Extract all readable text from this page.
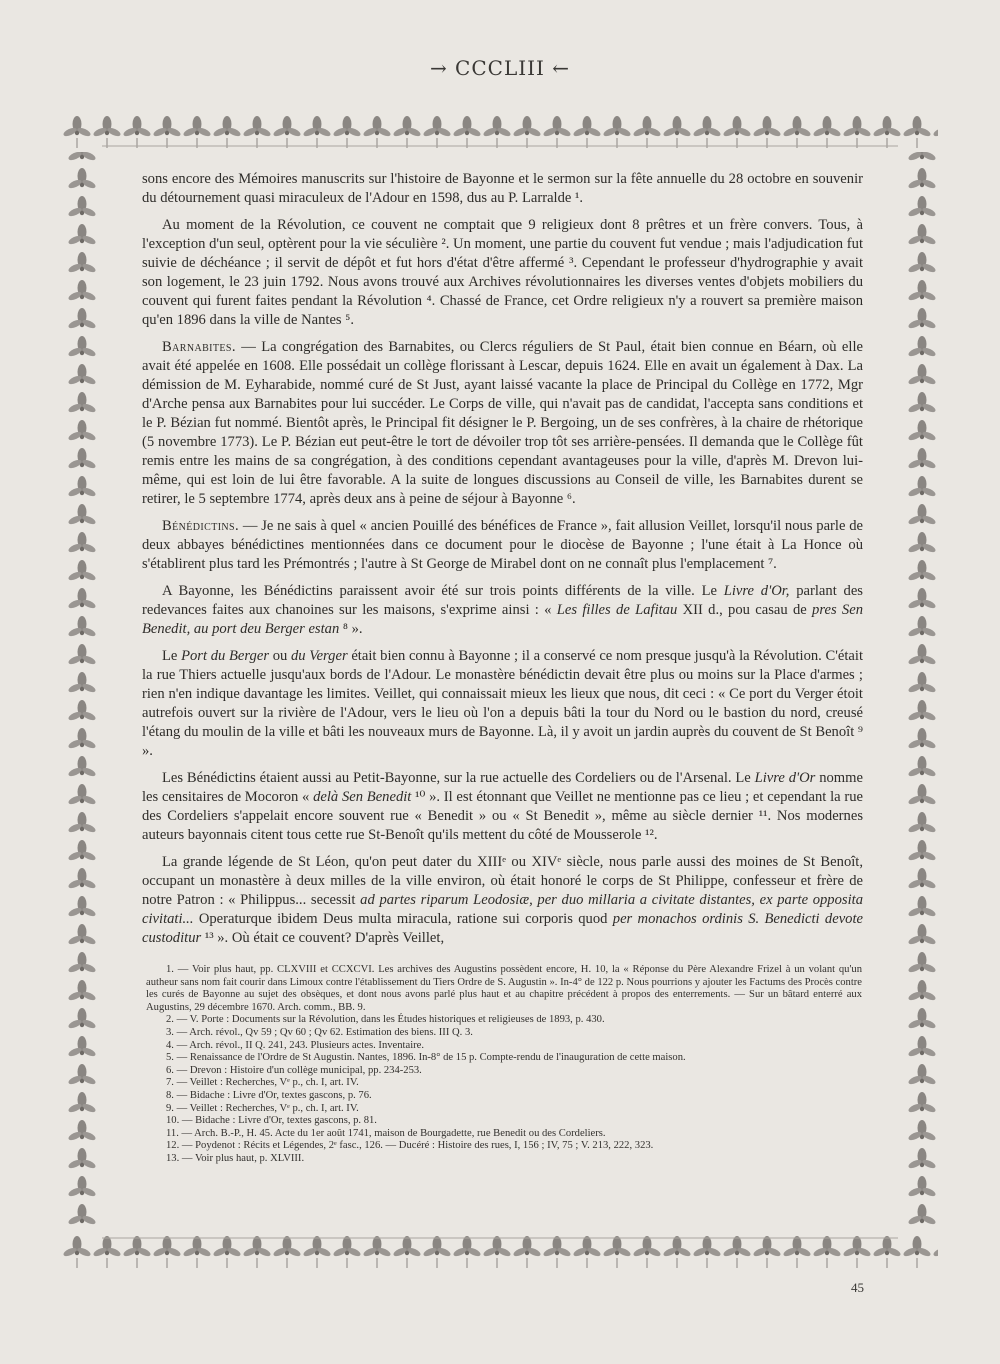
→ CCCLIII ←

sons encore des Mémoires manuscrits sur l'histoire de Bayonne et le sermon sur la fête annuelle du 28 octobre en souvenir du détournement quasi miraculeux de l'Adour en 1598, dus au P. Larralde ¹.

Au moment de la Révolution, ce couvent ne comptait que 9 religieux dont 8 prêtres et un frère convers. Tous, à l'exception d'un seul, optèrent pour la vie séculière ². Un moment, une partie du couvent fut vendue ; mais l'adjudication fut suivie de déchéance ; il servit de dépôt et fut hors d'état d'être affermé ³. Cependant le professeur d'hydrographie y avait son logement, le 23 juin 1792. Nous avons trouvé aux Archives révolutionnaires les diverses ventes d'objets mobiliers du couvent qui furent faites pendant la Révolution ⁴. Chassé de France, cet Ordre religieux n'y a rouvert sa première maison qu'en 1896 dans la ville de Nantes ⁵.

Barnabites. — La congrégation des Barnabites, ou Clercs réguliers de St Paul, était bien connue en Béarn, où elle avait été appelée en 1608. Elle possédait un collège florissant à Lescar, depuis 1624. Elle en avait un également à Dax. La démission de M. Eyharabide, nommé curé de St Just, ayant laissé vacante la place de Principal du Collège en 1772, Mgr d'Arche pensa aux Barnabites pour lui succéder. Le Corps de ville, qui n'avait pas de candidat, l'accepta sans conditions et le P. Bézian fut nommé. Bientôt après, le Principal fit désigner le P. Bergoing, un de ses confrères, à la chaire de rhétorique (5 novembre 1773). Le P. Bézian eut peut-être le tort de dévoiler trop tôt ses arrière-pensées. Il demanda que le Collège fût remis entre les mains de sa congrégation, à des conditions cependant avantageuses pour la ville, d'après M. Drevon lui-même, qui est loin de lui être favorable. A la suite de longues discussions au Conseil de ville, les Barnabites durent se retirer, le 5 septembre 1774, après deux ans à peine de séjour à Bayonne ⁶.

Bénédictins. — Je ne sais à quel « ancien Pouillé des bénéfices de France », fait allusion Veillet, lorsqu'il nous parle de deux abbayes bénédictines mentionnées dans ce document pour le diocèse de Bayonne ; l'une était à La Honce où s'établirent plus tard les Prémontrés ; l'autre à St George de Mirabel dont on ne connaît plus l'emplacement ⁷.

A Bayonne, les Bénédictins paraissent avoir été sur trois points différents de la ville. Le Livre d'Or, parlant des redevances faites aux chanoines sur les maisons, s'exprime ainsi : « Les filles de Lafitau XII d., pou casau de pres Sen Benedit, au port deu Berger estan ⁸ ».

Le Port du Berger ou du Verger était bien connu à Bayonne ; il a conservé ce nom presque jusqu'à la Révolution. C'était la rue Thiers actuelle jusqu'aux bords de l'Adour. Le monastère bénédictin devait être plus ou moins sur la Place d'armes ; rien n'en indique davantage les limites. Veillet, qui connaissait mieux les lieux que nous, dit ceci : « Ce port du Verger étoit autrefois ouvert sur la rivière de l'Adour, vers le lieu où l'on a depuis bâti la tour du Nord ou le bastion du nord, creusé l'étang du moulin de la ville et bâti les nouveaux murs de Bayonne. Là, il y avoit un jardin auprès du couvent de St Benoît ⁹ ».

Les Bénédictins étaient aussi au Petit-Bayonne, sur la rue actuelle des Cordeliers ou de l'Arsenal. Le Livre d'Or nomme les censitaires de Mocoron « delà Sen Benedit ¹⁰ ». Il est étonnant que Veillet ne mentionne pas ce lieu ; et cependant la rue des Cordeliers s'appelait encore souvent rue « Benedit » ou « St Benedit », même au siècle dernier ¹¹. Nos modernes auteurs bayonnais citent tous cette rue St-Benoît qu'ils mettent du côté de Mousserole ¹².

La grande légende de St Léon, qu'on peut dater du XIIIᵉ ou XIVᵉ siècle, nous parle aussi des moines de St Benoît, occupant un monastère à deux milles de la ville environ, où était honoré le corps de St Philippe, confesseur et frère de notre Patron : « Philippus... secessit ad partes riparum Leodosiæ, per duo millaria a civitate distantes, ex parte opposita civitati... Operaturque ibidem Deus multa miracula, ratione sui corporis quod per monachos ordinis S. Benedicti devote custoditur ¹³ ». Où était ce couvent? D'après Veillet,

1. — Voir plus haut, pp. CLXVIII et CCXCVI. Les archives des Augustins possèdent encore, H. 10, la « Réponse du Père Alexandre Frizel à un volant qu'un autheur sans nom fait courir dans Limoux contre l'établissement du Tiers Ordre de S. Augustin ». In-4° de 122 p. Nous pourrions y ajouter les Factums des Procès contre les curés de Bayonne au sujet des obsèques, et dont nous avons parlé plus haut et au chapitre précédent à propos des enterrements. — Sur un bâtard enterré aux Augustins, 29 décembre 1670. Arch. comm., BB. 9.

2. — V. Porte : Documents sur la Révolution, dans les Études historiques et religieuses de 1893, p. 430.

3. — Arch. révol., Qv 59 ; Qv 60 ; Qv 62. Estimation des biens. III Q. 3.

4. — Arch. révol., II Q. 241, 243. Plusieurs actes. Inventaire.

5. — Renaissance de l'Ordre de St Augustin. Nantes, 1896. In-8° de 15 p. Compte-rendu de l'inauguration de cette maison.

6. — Drevon : Histoire d'un collège municipal, pp. 234-253.

7. — Veillet : Recherches, Vᵉ p., ch. I, art. IV.

8. — Bidache : Livre d'Or, textes gascons, p. 76.

9. — Veillet : Recherches, Vᵉ p., ch. I, art. IV.

10. — Bidache : Livre d'Or, textes gascons, p. 81.

11. — Arch. B.-P., H. 45. Acte du 1er août 1741, maison de Bourgadette, rue Benedit ou des Cordeliers.

12. — Poydenot : Récits et Légendes, 2ᵉ fasc., 126. — Ducéré : Histoire des rues, I, 156 ; IV, 75 ; V. 213, 222, 323.

13. — Voir plus haut, p. XLVIII.

45
